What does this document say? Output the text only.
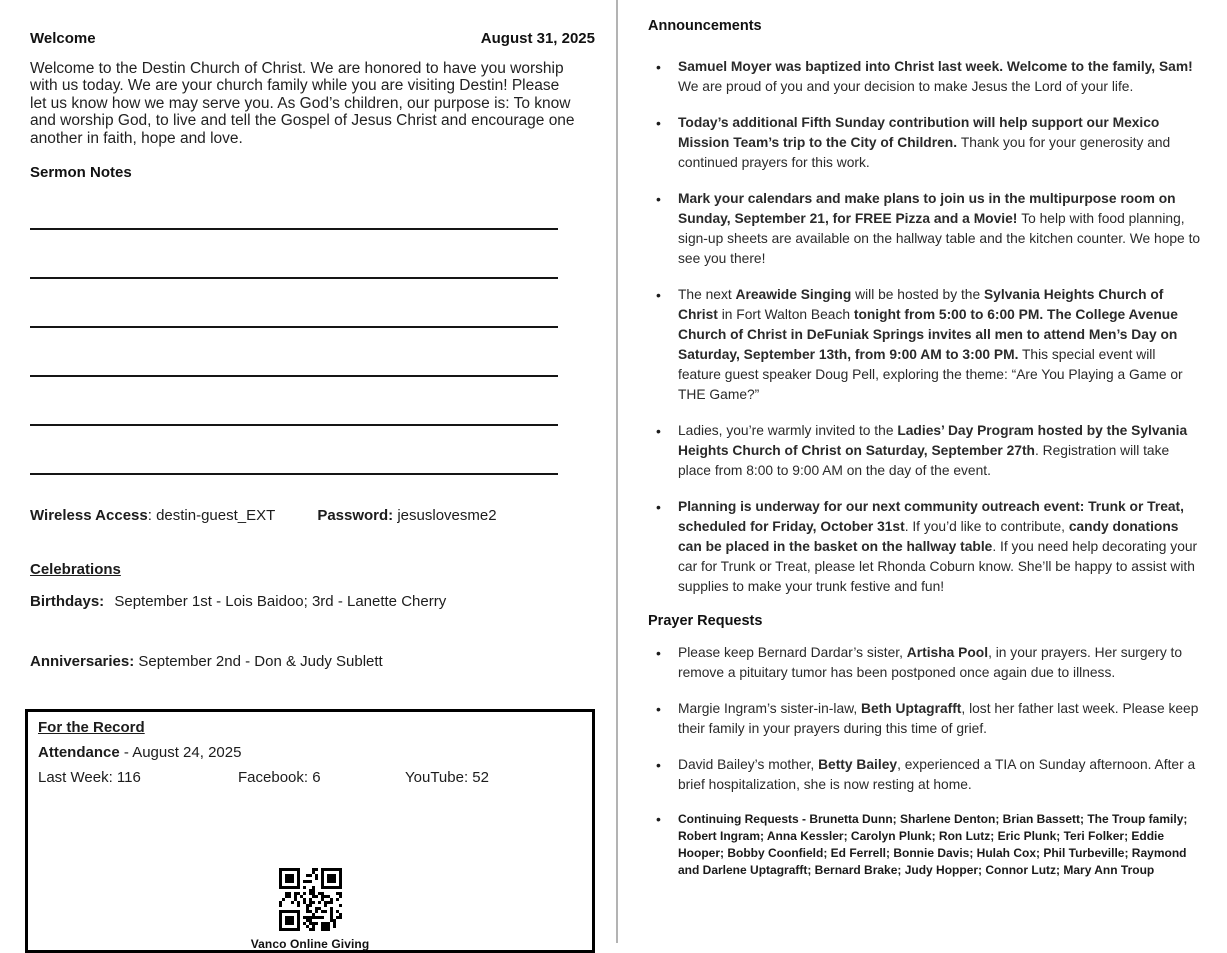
Welcome	August 31, 2025

Welcome to the Destin Church of Christ. We are honored to have you worship with us today. We are your church family while you are visiting Destin! Please let us know how we may serve you. As God’s children, our purpose is: To know and worship God, to live and tell the Gospel of Jesus Christ and encourage one another in faith, hope and love.

Sermon Notes
Wireless Access: destin-guest_EXT	Password: jesuslovesme2
Celebrations
Birthdays: September 1st - Lois Baidoo; 3rd - Lanette Cherry
Anniversaries: September 2nd - Don & Judy Sublett
For the Record
Attendance - August 24, 2025
Last Week: 116	Facebook: 6	YouTube: 52
Vanco Online Giving
Announcements
•	Samuel Moyer was baptized into Christ last week. Welcome to the family, Sam! We are proud of you and your decision to make Jesus the Lord of your life.
•	Today’s additional Fifth Sunday contribution will help support our Mexico Mission Team’s trip to the City of Children. Thank you for your generosity and continued prayers for this work.
•	Mark your calendars and make plans to join us in the multipurpose room on Sunday, September 21, for FREE Pizza and a Movie! To help with food planning, sign-up sheets are available on the hallway table and the kitchen counter. We hope to see you there!
•	The next Areawide Singing will be hosted by the Sylvania Heights Church of Christ in Fort Walton Beach tonight from 5:00 to 6:00 PM. The College Avenue Church of Christ in DeFuniak Springs invites all men to attend Men’s Day on Saturday, September 13th, from 9:00 AM to 3:00 PM. This special event will feature guest speaker Doug Pell, exploring the theme: “Are You Playing a Game or THE Game?”
•	Ladies, you’re warmly invited to the Ladies’ Day Program hosted by the Sylvania Heights Church of Christ on Saturday, September 27th. Registration will take place from 8:00 to 9:00 AM on the day of the event.
•	Planning is underway for our next community outreach event: Trunk or Treat, scheduled for Friday, October 31st. If you’d like to contribute, candy donations can be placed in the basket on the hallway table. If you need help decorating your car for Trunk or Treat, please let Rhonda Coburn know. She’ll be happy to assist with supplies to make your trunk festive and fun!
Prayer Requests
•	Please keep Bernard Dardar’s sister, Artisha Pool, in your prayers. Her surgery to remove a pituitary tumor has been postponed once again due to illness.
•	Margie Ingram’s sister-in-law, Beth Uptagrafft, lost her father last week. Please keep their family in your prayers during this time of grief.
•	David Bailey’s mother, Betty Bailey, experienced a TIA on Sunday afternoon. After a brief hospitalization, she is now resting at home.
•	Continuing Requests - Brunetta Dunn; Sharlene Denton; Brian Bassett; The Troup family; Robert Ingram; Anna Kessler; Carolyn Plunk; Ron Lutz; Eric Plunk; Teri Folker; Eddie Hooper; Bobby Coonfield; Ed Ferrell; Bonnie Davis; Hulah Cox; Phil Turbeville; Raymond and Darlene Uptagrafft; Bernard Brake; Judy Hopper; Connor Lutz; Mary Ann Troup
